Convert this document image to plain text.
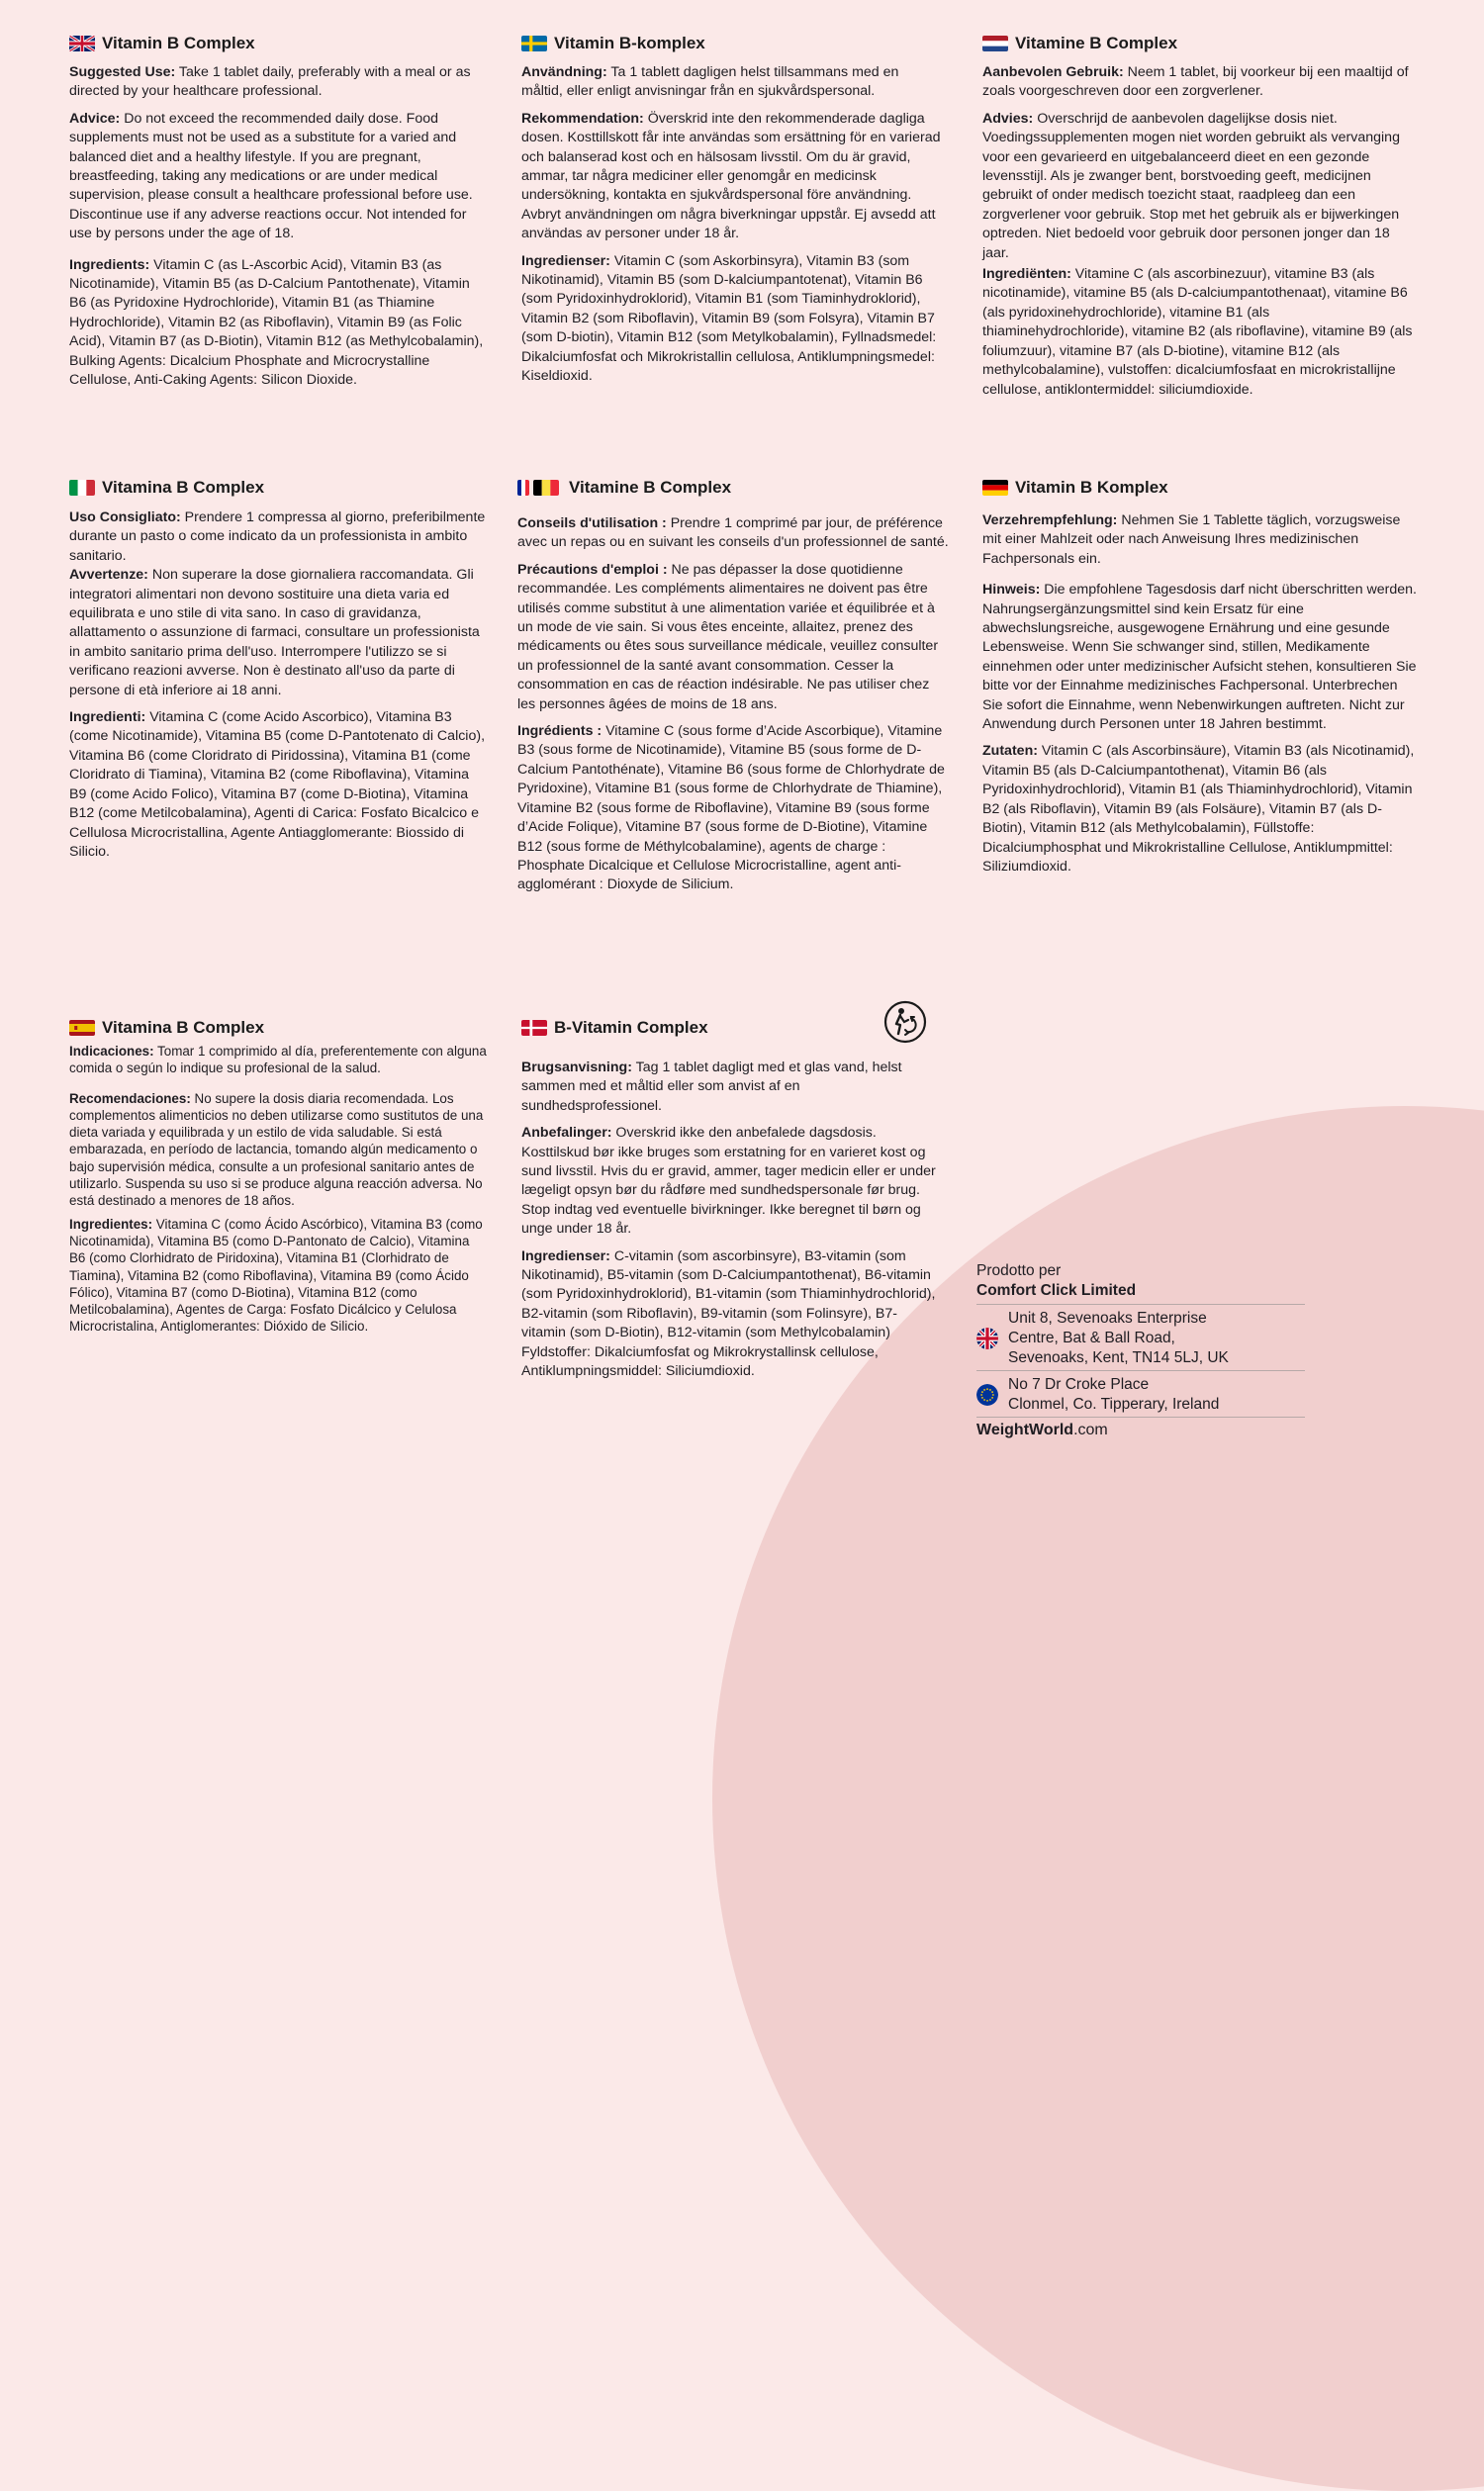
Vitamin B Complex

Suggested Use: Take 1 tablet daily, preferably with a meal or as directed by your healthcare professional.

Advice: Do not exceed the recommended daily dose. Food supplements must not be used as a substitute for a varied and balanced diet and a healthy lifestyle. If you are pregnant, breastfeeding, taking any medications or are under medical supervision, please consult a healthcare professional before use. Discontinue use if any adverse reactions occur. Not intended for use by persons under the age of 18.

Ingredients: Vitamin C (as L-Ascorbic Acid), Vitamin B3 (as Nicotinamide), Vitamin B5 (as D-Calcium Pantothenate), Vitamin B6 (as Pyridoxine Hydrochloride), Vitamin B1 (as Thiamine Hydrochloride), Vitamin B2 (as Riboflavin), Vitamin B9 (as Folic Acid), Vitamin B7 (as D-Biotin), Vitamin B12 (as Methylcobalamin), Bulking Agents: Dicalcium Phosphate and Microcrystalline Cellulose, Anti-Caking Agents: Silicon Dioxide.

Vitamin B-komplex

Användning: Ta 1 tablett dagligen helst tillsammans med en måltid, eller enligt anvisningar från en sjukvårdspersonal.

Rekommendation: Överskrid inte den rekommenderade dagliga dosen. Kosttillskott får inte användas som ersättning för en varierad och balanserad kost och en hälsosam livsstil. Om du är gravid, ammar, tar några mediciner eller genomgår en medicinsk undersökning, kontakta en sjukvårdspersonal före användning. Avbryt användningen om några biverkningar uppstår. Ej avsedd att användas av personer under 18 år.

Ingredienser: Vitamin C (som Askorbinsyra), Vitamin B3 (som Nikotinamid), Vitamin B5 (som D-kalciumpantotenat), Vitamin B6 (som Pyridoxinhydroklorid), Vitamin B1 (som Tiaminhydroklorid), Vitamin B2 (som Riboflavin), Vitamin B9 (som Folsyra), Vitamin B7 (som D-biotin), Vitamin B12 (som Metylkobalamin), Fyllnadsmedel: Dikalciumfosfat och Mikrokristallin cellulosa, Antiklumpningsmedel: Kiseldioxid.

Vitamine B Complex

Aanbevolen Gebruik: Neem 1 tablet, bij voorkeur bij een maaltijd of zoals voorgeschreven door een zorgverlener.

Advies: Overschrijd de aanbevolen dagelijkse dosis niet. Voedingssupplementen mogen niet worden gebruikt als vervanging voor een gevarieerd en uitgebalanceerd dieet en een gezonde levensstijl. Als je zwanger bent, borstvoeding geeft, medicijnen gebruikt of onder medisch toezicht staat, raadpleeg dan een zorgverlener voor gebruik. Stop met het gebruik als er bijwerkingen optreden. Niet bedoeld voor gebruik door personen jonger dan 18 jaar.

Ingrediënten: Vitamine C (als ascorbinezuur), vitamine B3 (als nicotinamide), vitamine B5 (als D-calciumpantothenaat), vitamine B6 (als pyridoxinehydrochloride), vitamine B1 (als thiaminehydrochloride), vitamine B2 (als riboflavine), vitamine B9 (als foliumzuur), vitamine B7 (als D-biotine), vitamine B12 (als methylcobalamine), vulstoffen: dicalciumfosfaat en microkristallijne cellulose, antiklontermiddel: siliciumdioxide.

Vitamina B Complex

Uso Consigliato: Prendere 1 compressa al giorno, preferibilmente durante un pasto o come indicato da un professionista in ambito sanitario.

Avvertenze: Non superare la dose giornaliera raccomandata. Gli integratori alimentari non devono sostituire una dieta varia ed equilibrata e uno stile di vita sano. In caso di gravidanza, allattamento o assunzione di farmaci, consultare un professionista in ambito sanitario prima dell'uso. Interrompere l'utilizzo se si verificano reazioni avverse. Non è destinato all'uso da parte di persone di età inferiore ai 18 anni.

Ingredienti: Vitamina C (come Acido Ascorbico), Vitamina B3 (come Nicotinamide), Vitamina B5 (come D-Pantotenato di Calcio), Vitamina B6 (come Cloridrato di Piridossina), Vitamina B1 (come Cloridrato di Tiamina), Vitamina B2 (come Riboflavina), Vitamina B9 (come Acido Folico), Vitamina B7 (come D-Biotina), Vitamina B12 (come Metilcobalamina), Agenti di Carica: Fosfato Bicalcico e Cellulosa Microcristallina, Agente Antiagglomerante: Biossido di Silicio.

Vitamine B Complex

Conseils d'utilisation : Prendre 1 comprimé par jour, de préférence avec un repas ou en suivant les conseils d'un professionnel de santé.

Précautions d'emploi : Ne pas dépasser la dose quotidienne recommandée. Les compléments alimentaires ne doivent pas être utilisés comme substitut à une alimentation variée et équilibrée et à un mode de vie sain. Si vous êtes enceinte, allaitez, prenez des médicaments ou êtes sous surveillance médicale, veuillez consulter un professionnel de la santé avant consommation. Cesser la consommation en cas de réaction indésirable. Ne pas utiliser chez les personnes âgées de moins de 18 ans.

Ingrédients : Vitamine C (sous forme d’Acide Ascorbique), Vitamine B3 (sous forme de Nicotinamide), Vitamine B5 (sous forme de D-Calcium Pantothénate), Vitamine B6 (sous forme de Chlorhydrate de Pyridoxine), Vitamine B1 (sous forme de Chlorhydrate de Thiamine), Vitamine B2 (sous forme de Riboflavine), Vitamine B9 (sous forme d’Acide Folique), Vitamine B7 (sous forme de D-Biotine), Vitamine B12 (sous forme de Méthylcobalamine), agents de charge : Phosphate Dicalcique et Cellulose Microcristalline, agent anti-agglomérant : Dioxyde de Silicium.

Vitamin B Komplex

Verzehrempfehlung: Nehmen Sie 1 Tablette täglich, vorzugsweise mit einer Mahlzeit oder nach Anweisung Ihres medizinischen Fachpersonals ein.

Hinweis: Die empfohlene Tagesdosis darf nicht überschritten werden. Nahrungsergänzungsmittel sind kein Ersatz für eine abwechslungsreiche, ausgewogene Ernährung und eine gesunde Lebensweise. Wenn Sie schwanger sind, stillen, Medikamente einnehmen oder unter medizinischer Aufsicht stehen, konsultieren Sie bitte vor der Einnahme medizinisches Fachpersonal. Unterbrechen Sie sofort die Einnahme, wenn Nebenwirkungen auftreten. Nicht zur Anwendung durch Personen unter 18 Jahren bestimmt.

Zutaten: Vitamin C (als Ascorbinsäure), Vitamin B3 (als Nicotinamid), Vitamin B5 (als D-Calciumpantothenat), Vitamin B6 (als Pyridoxinhydrochlorid), Vitamin B1 (als Thiaminhydrochlorid), Vitamin B2 (als Riboflavin), Vitamin B9 (als Folsäure), Vitamin B7 (als D-Biotin), Vitamin B12 (als Methylcobalamin), Füllstoffe: Dicalciumphosphat und Mikrokristalline Cellulose, Antiklumpmittel: Siliziumdioxid.

Vitamina B Complex

Indicaciones: Tomar 1 comprimido al día, preferentemente con alguna comida o según lo indique su profesional de la salud.

Recomendaciones: No supere la dosis diaria recomendada. Los complementos alimenticios no deben utilizarse como sustitutos de una dieta variada y equilibrada y un estilo de vida saludable. Si está embarazada, en período de lactancia, tomando algún medicamento o bajo supervisión médica, consulte a un profesional sanitario antes de utilizarlo. Suspenda su uso si se produce alguna reacción adversa. No está destinado a menores de 18 años.

Ingredientes: Vitamina C (como Ácido Ascórbico), Vitamina B3 (como Nicotinamida), Vitamina B5 (como D-Pantonato de Calcio), Vitamina B6 (como Clorhidrato de Piridoxina), Vitamina B1 (Clorhidrato de Tiamina), Vitamina B2 (como Riboflavina), Vitamina B9 (como Ácido Fólico), Vitamina B7 (como D-Biotina), Vitamina B12 (como Metilcobalamina), Agentes de Carga: Fosfato Dicálcico y Celulosa Microcristalina, Antiglomerantes: Dióxido de Silicio.

B-Vitamin Complex

Brugsanvisning: Tag 1 tablet dagligt med et glas vand, helst sammen med et måltid eller som anvist af en sundhedsprofessionel.

Anbefalinger: Overskrid ikke den anbefalede dagsdosis. Kosttilskud bør ikke bruges som erstatning for en varieret kost og sund livsstil. Hvis du er gravid, ammer, tager medicin eller er under lægeligt opsyn bør du rådføre med sundhedspersonale før brug. Stop indtag ved eventuelle bivirkninger. Ikke beregnet til børn og unge under 18 år.

Ingredienser: C-vitamin (som ascorbinsyre), B3-vitamin (som Nikotinamid), B5-vitamin (som D-Calciumpantothenat), B6-vitamin (som Pyridoxinhydroklorid), B1-vitamin (som Thiaminhydrochlorid), B2-vitamin (som Riboflavin), B9-vitamin (som Folinsyre), B7-vitamin (som D-Biotin), B12-vitamin (som Methylcobalamin) Fyldstoffer: Dikalciumfosfat og Mikrokrystallinsk cellulose, Antiklumpningsmiddel: Siliciumdioxid.

Prodotto per
Comfort Click Limited
Unit 8, Sevenoaks Enterprise
Centre, Bat & Ball Road,
Sevenoaks, Kent, TN14 5LJ, UK
No 7 Dr Croke Place
Clonmel, Co. Tipperary, Ireland
WeightWorld.com
